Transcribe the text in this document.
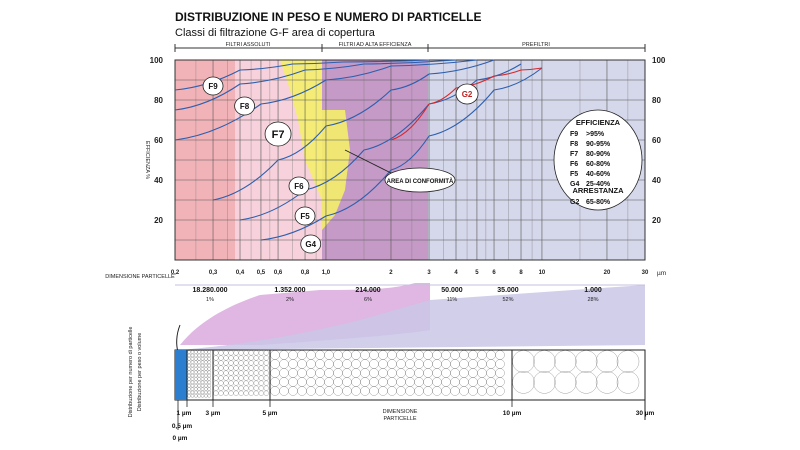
DISTRIBUZIONE IN PESO E NUMERO DI PARTICELLE
Classi di filtrazione G-F area di copertura
FILTRI ASSOLUTI	FILTRI AD ALTA EFFICIENZA	PREFILTRI
20	20
40	40
60	60
80	80
100	100
EFFICIENZA %
0,2	0,3	0,4 0,5 0,6	0,8 1,0	2	3	4	5 6	8	10	20	30
DIMENSIONE PARTICELLE	µm
F9
F8
F7
F6
F5
G4
G2
AREA DI CONFORMITÀ
EFFICIENZA
F9 >95%
F8 90-95%
F7 80-90%
F6 60-80%
F5 40-60%
G4 25-40%
ARRESTANZA
G2 65-80%
Distribuzione per numero di particelle Distribuzione per peso o volume
18.280.000
1%
1.352.000
2%
214.000
6%
50.000
11%
35.000
52%
1.000
28%
1 µm 3 µm	5 µm	10 µm	30 µm
0,5 µm
0 µm
DIMENSIONE
PARTICELLE
